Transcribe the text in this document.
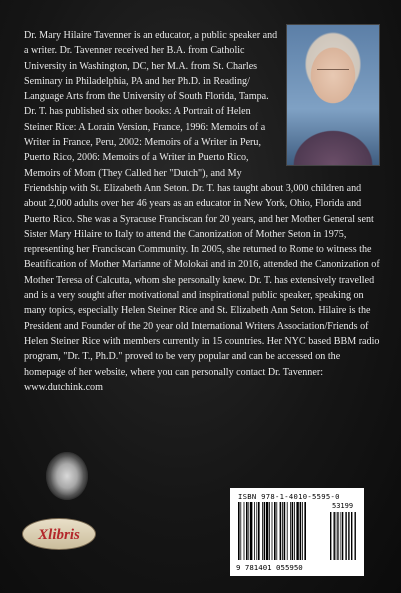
Dr. Mary Hilaire Tavenner is an educator, a public speaker and a writer. Dr. Tavenner received her B.A. from Catholic University in Washington, DC, her M.A. from St. Charles Seminary in Philadelphia, PA and her Ph.D. in Reading/ Language Arts from the University of South Florida, Tampa. Dr. T. has published six other books: A Portrait of Helen Steiner Rice: A Lorain Version, France, 1996: Memoirs of a Writer in France, Peru, 2002: Memoirs of a Writer in Peru, Puerto Rico, 2006: Memoirs of a Writer in Puerto Rico, Memoirs of Mom (They Called her "Dutch"), and My Friendship with St. Elizabeth Ann Seton. Dr. T. has taught about 3,000 children and about 2,000 adults over her 46 years as an educator in New York, Ohio, Florida and Puerto Rico. She was a Syracuse Franciscan for 20 years, and her Mother General sent Sister Mary Hilaire to Italy to attend the Canonization of Mother Seton in 1975, representing her Franciscan Community. In 2005, she returned to Rome to witness the Beatification of Mother Marianne of Molokai and in 2016, attended the Canonization of Mother Teresa of Calcutta, whom she personally knew. Dr. T. has extensively travelled and is a very sought after motivational and inspirational public speaker, speaking on many topics, especially Helen Steiner Rice and St. Elizabeth Ann Seton. Hilaire is the President and Founder of the 20 year old International Writers Association/Friends of Helen Steiner Rice with members currently in 15 countries. Her NYC based BBM radio program, "Dr. T., Ph.D." proved to be very popular and can be accessed on the homepage of her website, where you can personally contact Dr. Tavenner: www.dutchink.com

Xlibris
ISBN 978-1-4010-5595-0
53199
9 781401 055950
